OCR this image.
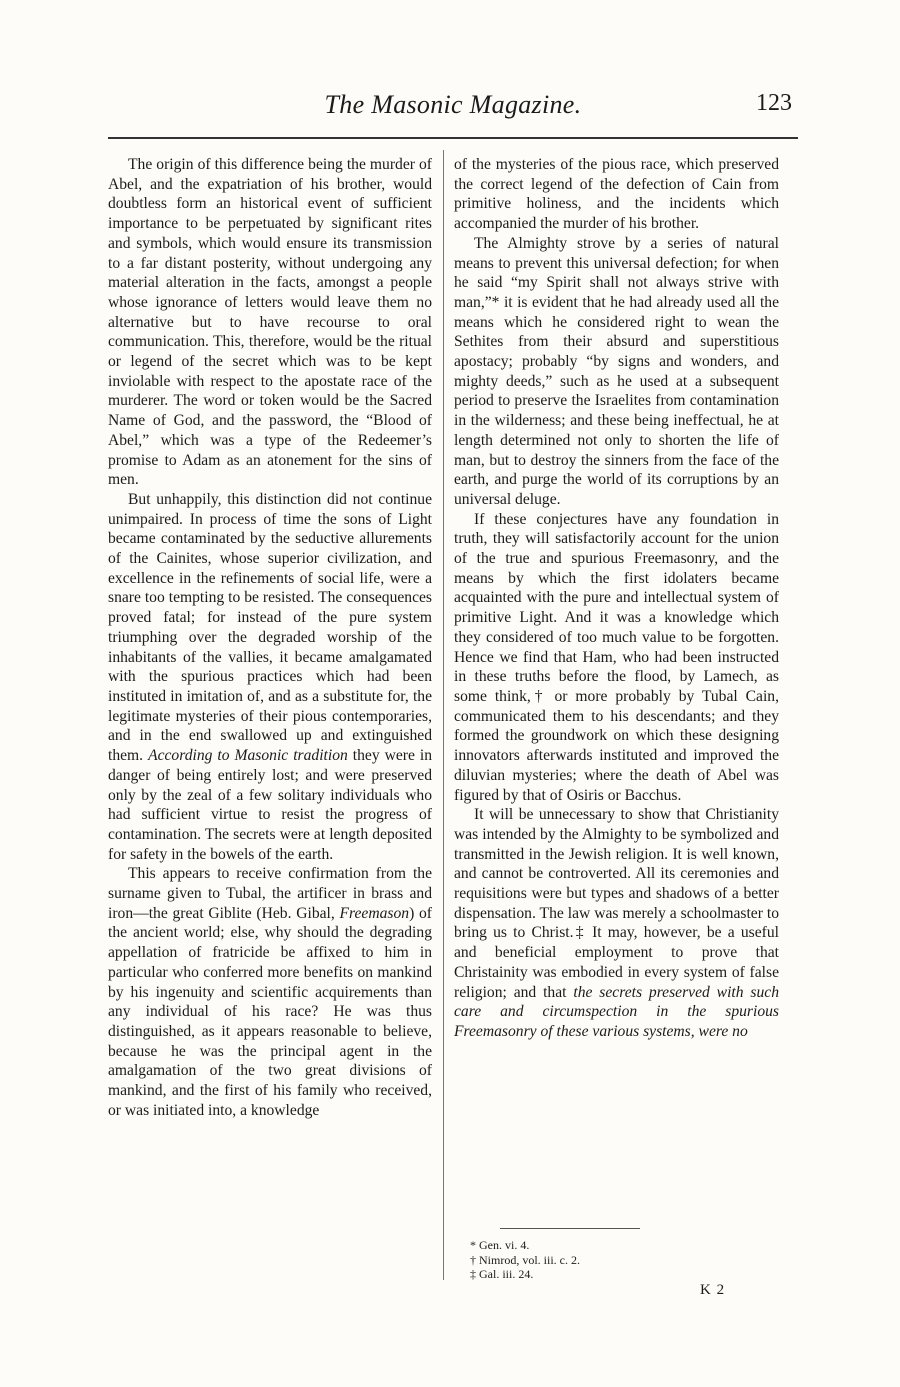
The Masonic Magazine.	123

The origin of this difference being the murder of Abel, and the expatriation of his brother, would doubtless form an historical event of sufficient importance to be perpetuated by significant rites and symbols, which would ensure its transmission to a far distant posterity, without undergoing any material alteration in the facts, amongst a people whose ignorance of letters would leave them no alternative but to have recourse to oral communication. This, therefore, would be the ritual or legend of the secret which was to be kept inviolable with respect to the apostate race of the murderer. The word or token would be the Sacred Name of God, and the password, the “Blood of Abel,” which was a type of the Redeemer’s promise to Adam as an atonement for the sins of men.

But unhappily, this distinction did not continue unimpaired. In process of time the sons of Light became contaminated by the seductive allurements of the Cainites, whose superior civilization, and excellence in the refinements of social life, were a snare too tempting to be resisted. The consequences proved fatal; for instead of the pure system triumphing over the degraded worship of the inhabitants of the vallies, it became amalgamated with the spurious practices which had been instituted in imitation of, and as a substitute for, the legitimate mysteries of their pious contemporaries, and in the end swallowed up and extinguished them. According to Masonic tradition they were in danger of being entirely lost; and were preserved only by the zeal of a few solitary individuals who had sufficient virtue to resist the progress of contamination. The secrets were at length deposited for safety in the bowels of the earth.

This appears to receive confirmation from the surname given to Tubal, the artificer in brass and iron—the great Giblite (Heb. Gibal, Freemason) of the ancient world; else, why should the degrading appellation of fratricide be affixed to him in particular who conferred more benefits on mankind by his ingenuity and scientific acquirements than any individual of his race? He was thus distinguished, as it appears reasonable to believe, because he was the principal agent in the amalgamation of the two great divisions of mankind, and the first of his family who received, or was initiated into, a knowledge

of the mysteries of the pious race, which preserved the correct legend of the defection of Cain from primitive holiness, and the incidents which accompanied the murder of his brother.

The Almighty strove by a series of natural means to prevent this universal defection; for when he said “my Spirit shall not always strive with man,”* it is evident that he had already used all the means which he considered right to wean the Sethites from their absurd and superstitious apostacy; probably “by signs and wonders, and mighty deeds,” such as he used at a subsequent period to preserve the Israelites from contamination in the wilderness; and these being ineffectual, he at length determined not only to shorten the life of man, but to destroy the sinners from the face of the earth, and purge the world of its corruptions by an universal deluge.

If these conjectures have any foundation in truth, they will satisfactorily account for the union of the true and spurious Freemasonry, and the means by which the first idolaters became acquainted with the pure and intellectual system of primitive Light. And it was a knowledge which they considered of too much value to be forgotten. Hence we find that Ham, who had been instructed in these truths before the flood, by Lamech, as some think,† or more probably by Tubal Cain, communicated them to his descendants; and they formed the groundwork on which these designing innovators afterwards instituted and improved the diluvian mysteries; where the death of Abel was figured by that of Osiris or Bacchus.

It will be unnecessary to show that Christianity was intended by the Almighty to be symbolized and transmitted in the Jewish religion. It is well known, and cannot be controverted. All its ceremonies and requisitions were but types and shadows of a better dispensation. The law was merely a schoolmaster to bring us to Christ.‡ It may, however, be a useful and beneficial employment to prove that Christainity was embodied in every system of false religion; and that the secrets preserved with such care and circumspection in the spurious Freemasonry of these various systems, were no

* Gen. vi. 4.
† Nimrod, vol. iii. c. 2.
‡ Gal. iii. 24.
K 2
